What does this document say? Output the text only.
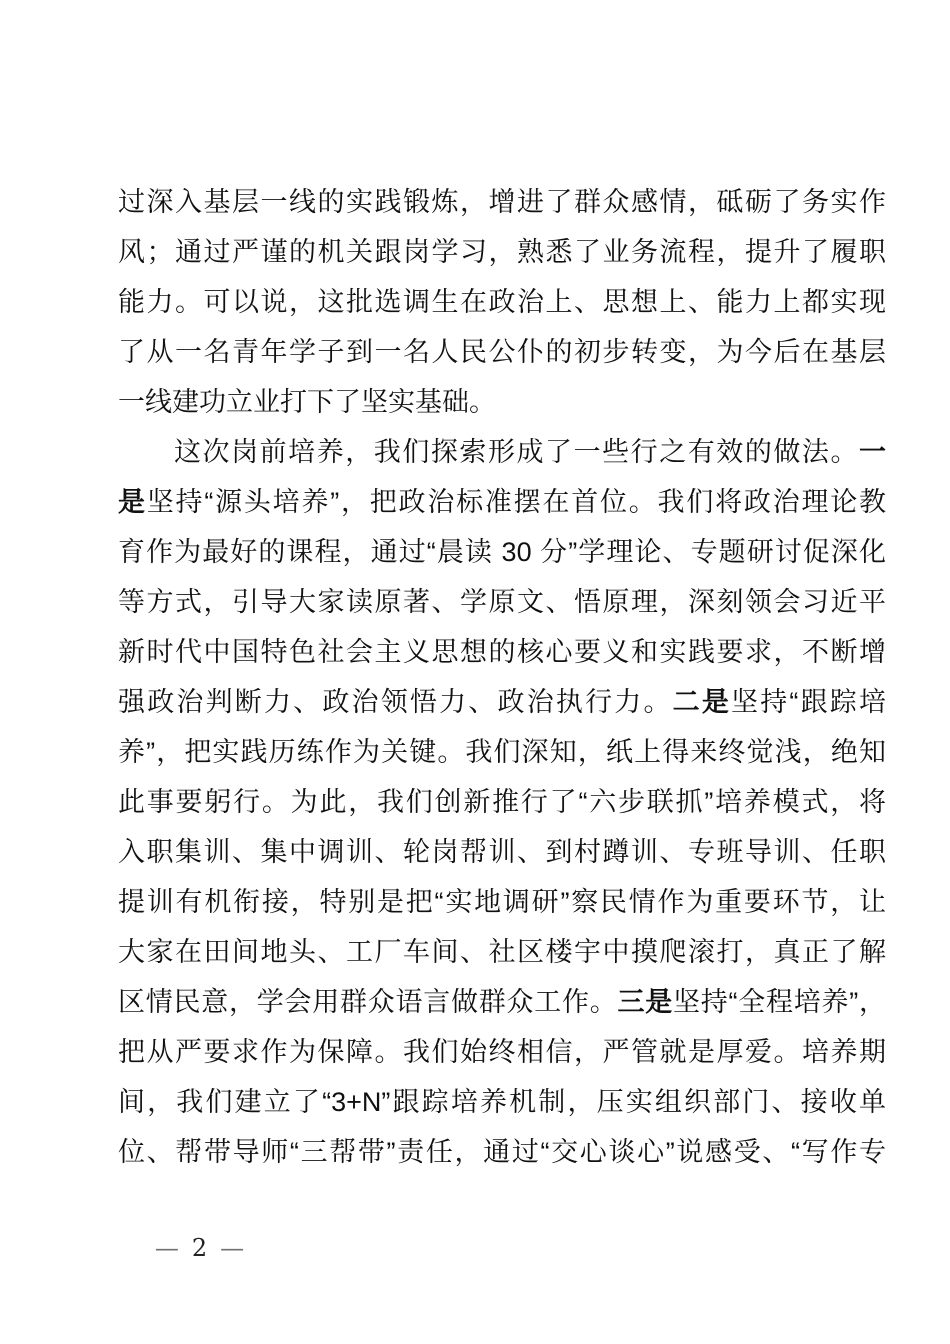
过深入基层一线的实践锻炼，增进了群众感情，砥砺了务实作
风；通过严谨的机关跟岗学习，熟悉了业务流程，提升了履职
能力。可以说，这批选调生在政治上、思想上、能力上都实现
了从一名青年学子到一名人民公仆的初步转变，为今后在基层
一线建功立业打下了坚实基础。
这次岗前培养，我们探索形成了一些行之有效的做法。一
是坚持“源头培养”，把政治标准摆在首位。我们将政治理论教
育作为最好的课程，通过“晨读 30 分”学理论、专题研讨促深化
等方式，引导大家读原著、学原文、悟原理，深刻领会习近平
新时代中国特色社会主义思想的核心要义和实践要求，不断增
强政治判断力、政治领悟力、政治执行力。二是坚持“跟踪培
养”，把实践历练作为关键。我们深知，纸上得来终觉浅，绝知
此事要躬行。为此，我们创新推行了“六步联抓”培养模式，将
入职集训、集中调训、轮岗帮训、到村蹲训、专班导训、任职
提训有机衔接，特别是把“实地调研”察民情作为重要环节，让
大家在田间地头、工厂车间、社区楼宇中摸爬滚打，真正了解
区情民意，学会用群众语言做群众工作。三是坚持“全程培养”，
把从严要求作为保障。我们始终相信，严管就是厚爱。培养期
间，我们建立了“3+N”跟踪培养机制，压实组织部门、接收单
位、帮带导师“三帮带”责任，通过“交心谈心”说感受、“写作专
— 2 —
